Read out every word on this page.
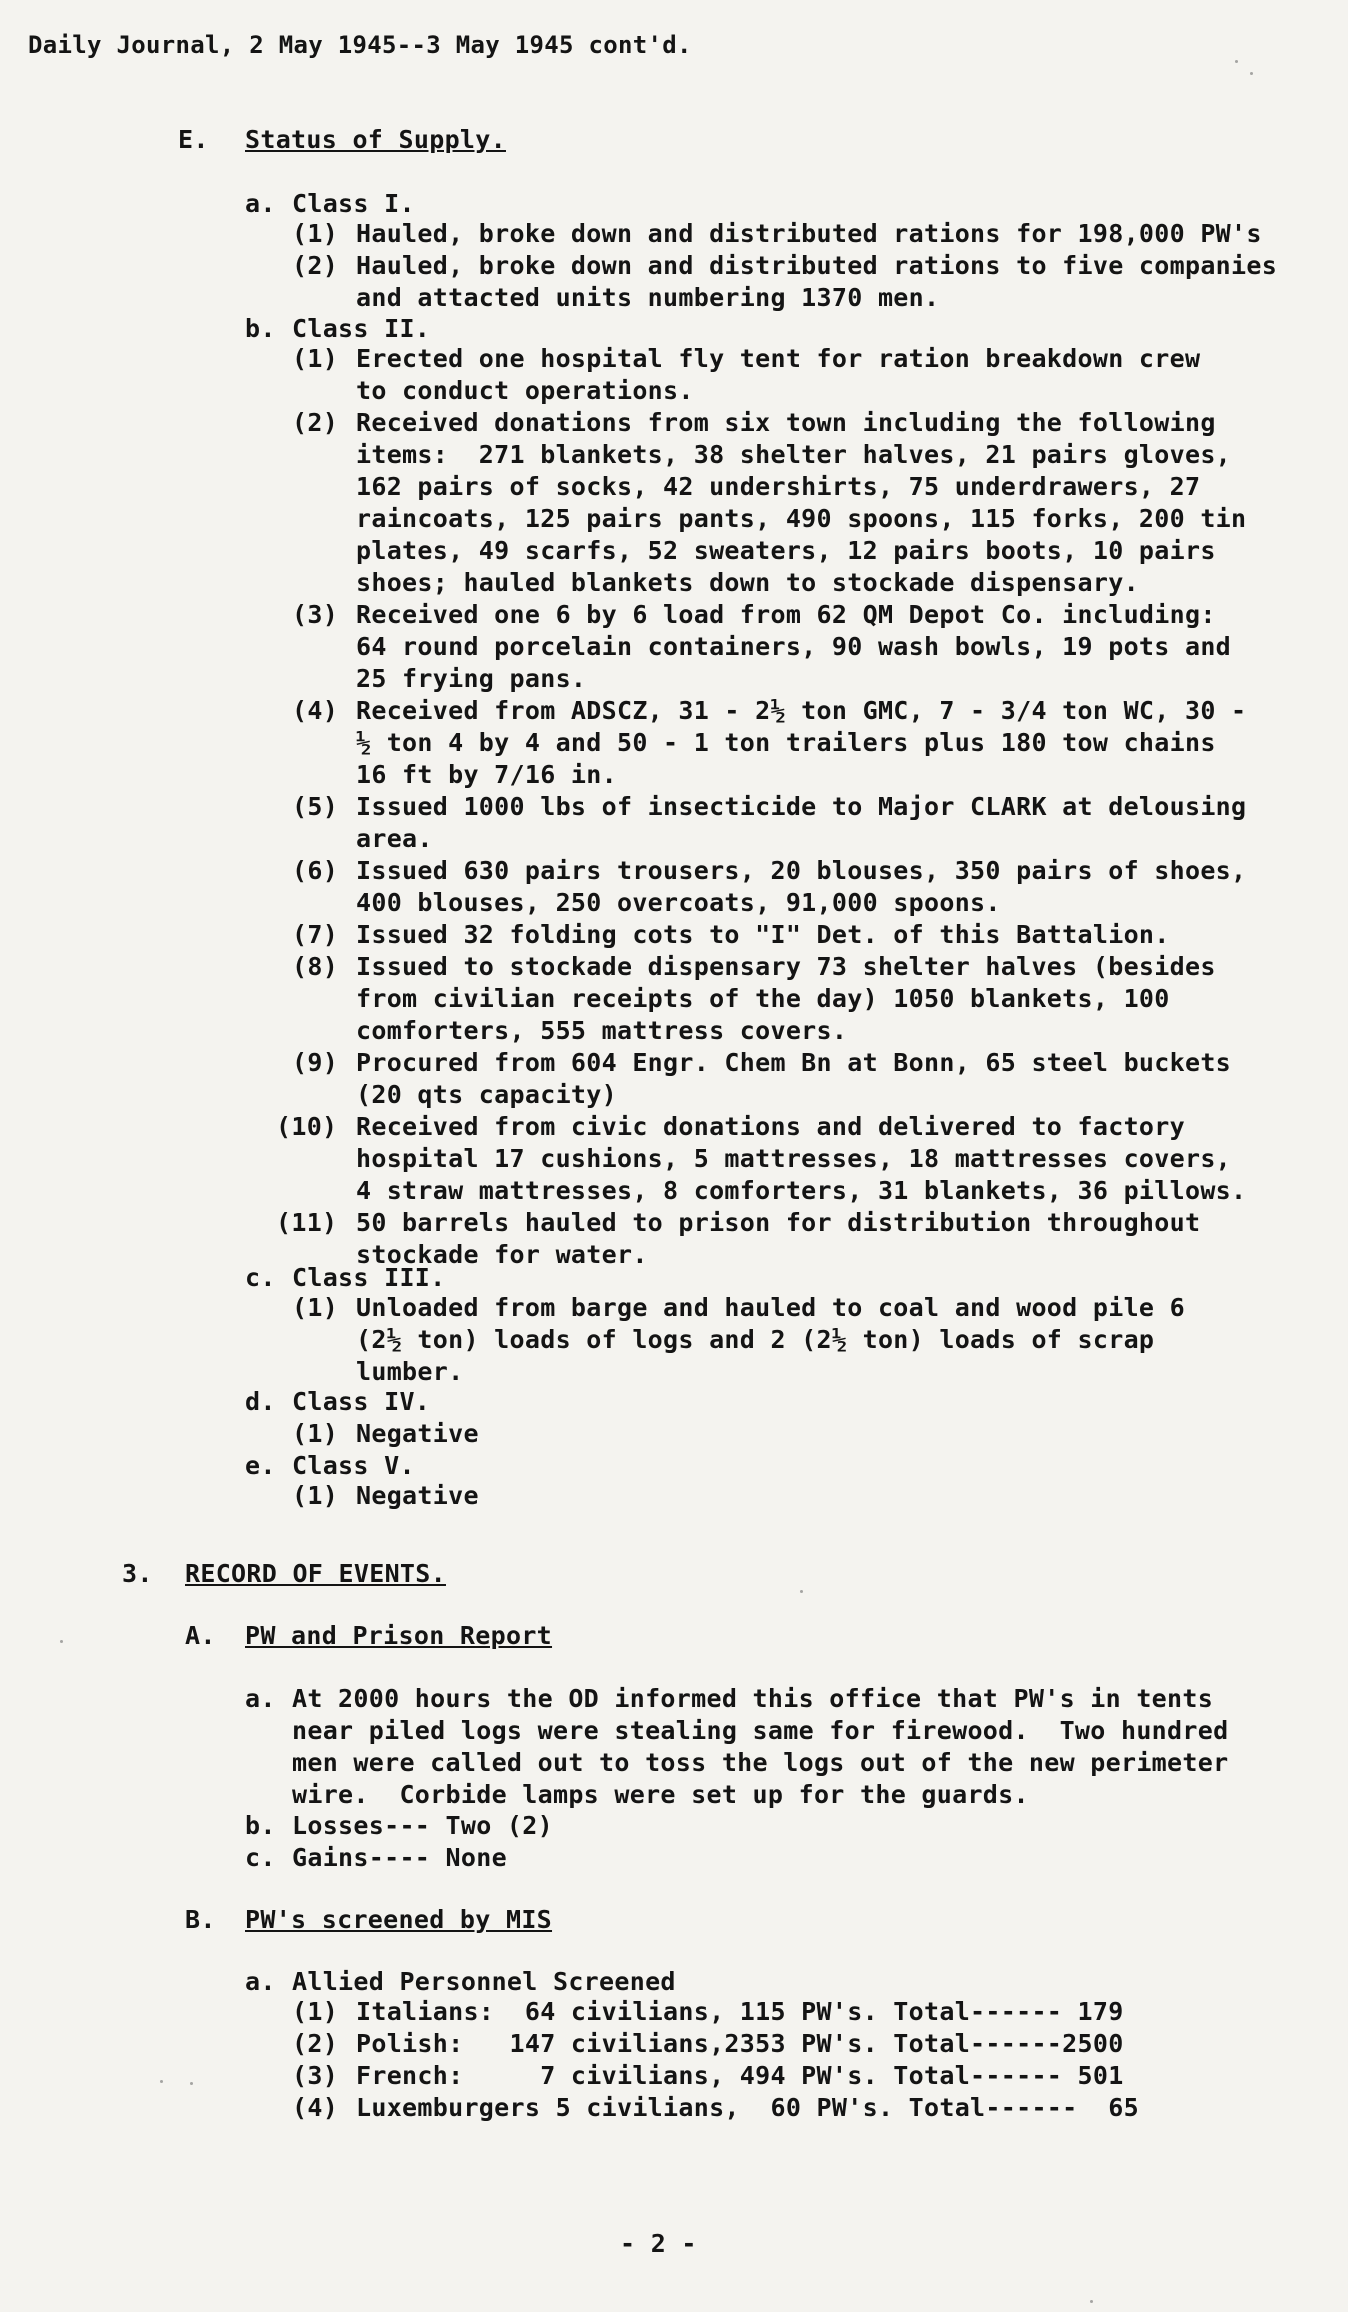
Daily Journal, 2 May 1945--3 May 1945 cont'd.
- 2 -
E. Status of Supply.
a. Class I.
(1) Hauled, broke down and distributed rations for 198,000 PW's
(2) Hauled, broke down and distributed rations to five companies
and attacted units numbering 1370 men.
b. Class II.
(1) Erected one hospital fly tent for ration breakdown crew
to conduct operations.
(2) Received donations from six town including the following
items:  271 blankets, 38 shelter halves, 21 pairs gloves,
162 pairs of socks, 42 undershirts, 75 underdrawers, 27
raincoats, 125 pairs pants, 490 spoons, 115 forks, 200 tin
plates, 49 scarfs, 52 sweaters, 12 pairs boots, 10 pairs
shoes; hauled blankets down to stockade dispensary.
(3) Received one 6 by 6 load from 62 QM Depot Co. including:
64 round porcelain containers, 90 wash bowls, 19 pots and
25 frying pans.
(4) Received from ADSCZ, 31 - 2½ ton GMC, 7 - 3/4 ton WC, 30 -
½ ton 4 by 4 and 50 - 1 ton trailers plus 180 tow chains
16 ft by 7/16 in.
(5) Issued 1000 lbs of insecticide to Major CLARK at delousing
area.
(6) Issued 630 pairs trousers, 20 blouses, 350 pairs of shoes,
400 blouses, 250 overcoats, 91,000 spoons.
(7) Issued 32 folding cots to "I" Det. of this Battalion.
(8) Issued to stockade dispensary 73 shelter halves (besides
from civilian receipts of the day) 1050 blankets, 100
comforters, 555 mattress covers.
(9) Procured from 604 Engr. Chem Bn at Bonn, 65 steel buckets
(20 qts capacity)
(10) Received from civic donations and delivered to factory
hospital 17 cushions, 5 mattresses, 18 mattresses covers,
4 straw mattresses, 8 comforters, 31 blankets, 36 pillows.
(11) 50 barrels hauled to prison for distribution throughout
stockade for water.
c. Class III.
(1) Unloaded from barge and hauled to coal and wood pile 6
(2½ ton) loads of logs and 2 (2½ ton) loads of scrap
lumber.
d. Class IV.
(1) Negative
e. Class V.
(1) Negative
3. RECORD OF EVENTS.
A. PW and Prison Report
a. At 2000 hours the OD informed this office that PW's in tents
near piled logs were stealing same for firewood.  Two hundred
men were called out to toss the logs out of the new perimeter
wire.  Corbide lamps were set up for the guards.
b. Losses--- Two (2)
c. Gains---- None
B. PW's screened by MIS
a. Allied Personnel Screened
(1) Italians:  64 civilians, 115 PW's. Total------ 179
(2) Polish:   147 civilians,2353 PW's. Total------2500
(3) French:     7 civilians, 494 PW's. Total------ 501
(4) Luxemburgers 5 civilians,  60 PW's. Total------  65
